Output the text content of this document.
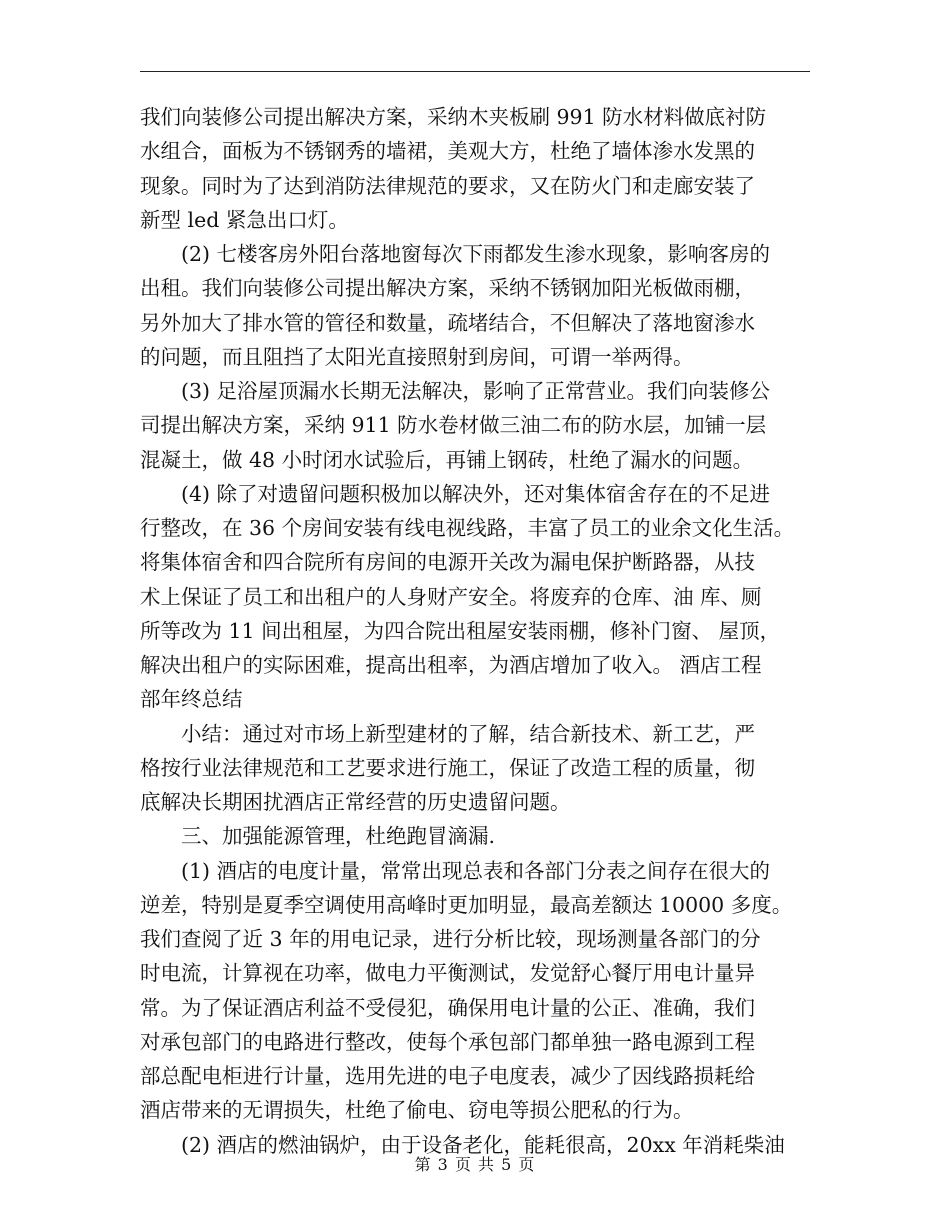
我们向装修公司提出解决方案，采纳木夹板刷 991 防水材料做底衬防
水组合，面板为不锈钢秀的墙裙，美观大方，杜绝了墙体渗水发黑的
现象。同时为了达到消防法律规范的要求，又在防火门和走廊安装了
新型 led 紧急出口灯。
　　(2) 七楼客房外阳台落地窗每次下雨都发生渗水现象，影响客房的
出租。我们向装修公司提出解决方案，采纳不锈钢加阳光板做雨棚，
另外加大了排水管的管径和数量，疏堵结合，不但解决了落地窗渗水
的问题，而且阻挡了太阳光直接照射到房间，可谓一举两得。
　　(3) 足浴屋顶漏水长期无法解决，影响了正常营业。我们向装修公
司提出解决方案，采纳 911 防水卷材做三油二布的防水层，加铺一层
混凝土，做 48 小时闭水试验后，再铺上钢砖，杜绝了漏水的问题。
　　(4) 除了对遗留问题积极加以解决外，还对集体宿舍存在的不足进
行整改，在 36 个房间安装有线电视线路，丰富了员工的业余文化生活。
将集体宿舍和四合院所有房间的电源开关改为漏电保护断路器，从技
术上保证了员工和出租户的人身财产安全。将废弃的仓库、油 库、厕
所等改为 11 间出租屋，为四合院出租屋安装雨棚，修补门窗、 屋顶，
解决出租户的实际困难，提高出租率，为酒店增加了收入。 酒店工程
部年终总结
　　小结：通过对市场上新型建材的了解，结合新技术、新工艺，严
格按行业法律规范和工艺要求进行施工，保证了改造工程的质量，彻
底解决长期困扰酒店正常经营的历史遗留问题。
　　三、加强能源管理，杜绝跑冒滴漏.
　　(1) 酒店的电度计量，常常出现总表和各部门分表之间存在很大的
逆差，特别是夏季空调使用高峰时更加明显，最高差额达 10000 多度。
我们查阅了近 3 年的用电记录，进行分析比较，现场测量各部门的分
时电流，计算视在功率，做电力平衡测试，发觉舒心餐厅用电计量异
常。为了保证酒店利益不受侵犯，确保用电计量的公正、准确，我们
对承包部门的电路进行整改，使每个承包部门都单独一路电源到工程
部总配电柜进行计量，选用先进的电子电度表，减少了因线路损耗给
酒店带来的无谓损失，杜绝了偷电、窃电等损公肥私的行为。
　　(2) 酒店的燃油锅炉，由于设备老化，能耗很高，20xx 年消耗柴油
第 3 页 共 5 页
